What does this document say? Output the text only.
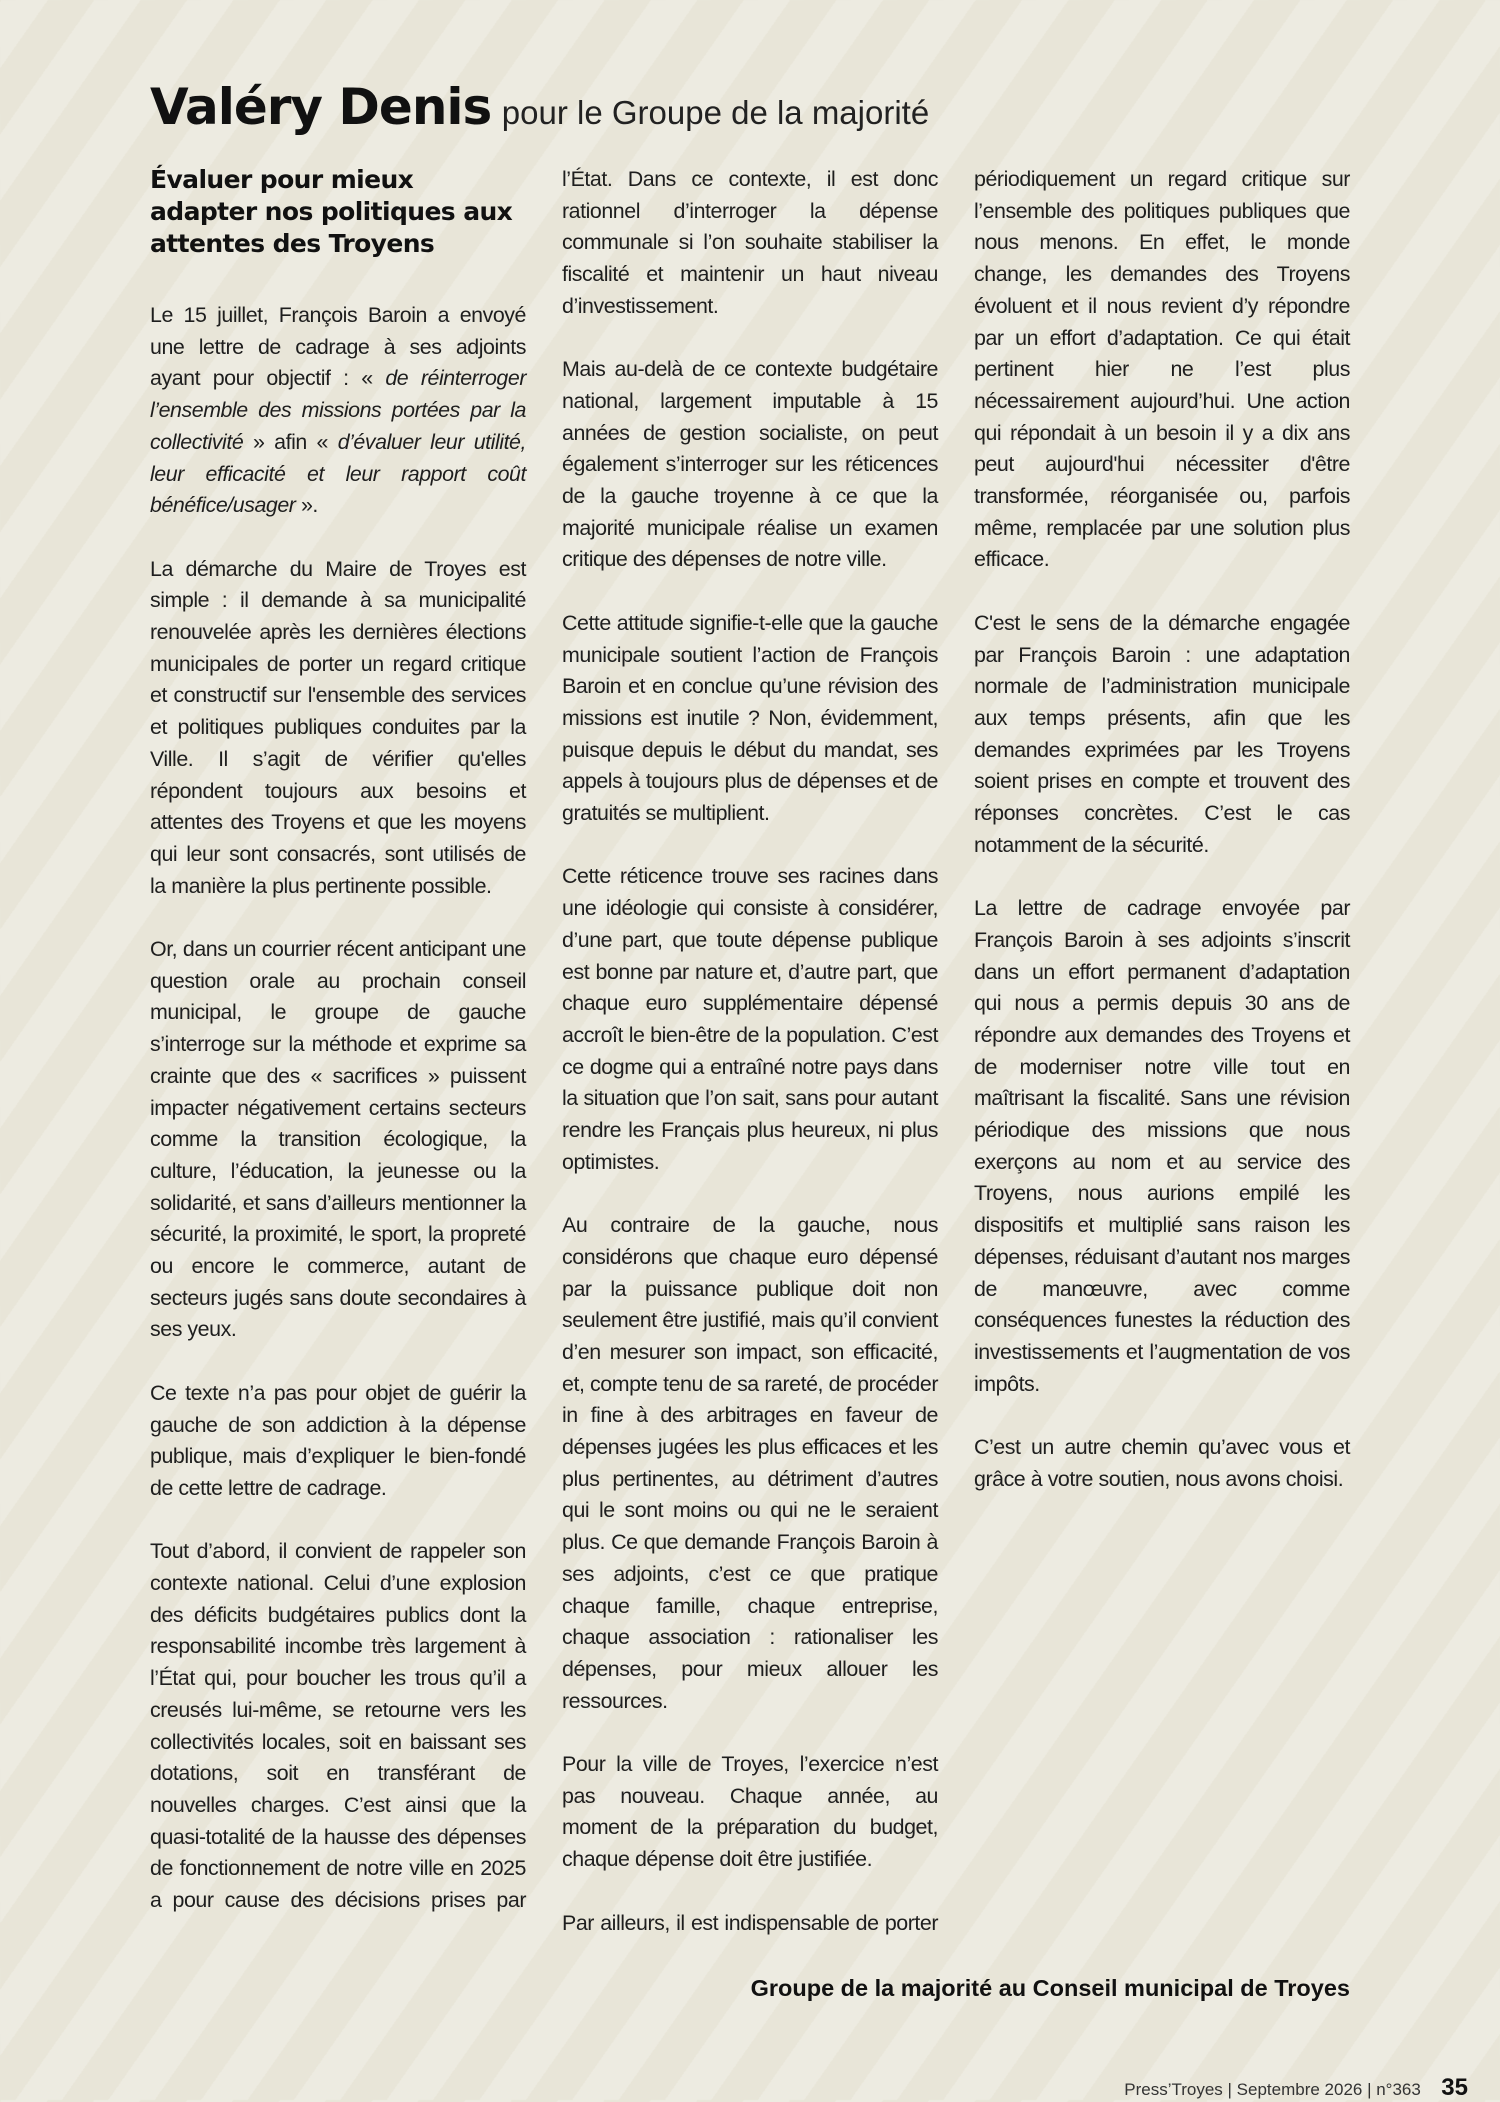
Valéry Denis pour le Groupe de la majorité
Évaluer pour mieux adapter nos politiques aux attentes des Troyens

Le 15 juillet, François Baroin a envoyé une lettre de cadrage à ses adjoints ayant pour objectif : « de réinterroger l’ensemble des missions portées par la collectivité » afin « d’évaluer leur utilité, leur efficacité et leur rapport coût bénéfice/usager ».

La démarche du Maire de Troyes est simple : il demande à sa municipalité renouvelée après les dernières élections municipales de porter un regard critique et constructif sur l'ensemble des services et politiques publiques conduites par la Ville. Il s’agit de vérifier qu'elles répondent toujours aux besoins et attentes des Troyens et que les moyens qui leur sont consacrés, sont utilisés de la manière la plus pertinente possible.

Or, dans un courrier récent anticipant une question orale au prochain conseil municipal, le groupe de gauche s’interroge sur la méthode et exprime sa crainte que des « sacrifices » puissent impacter négativement certains secteurs comme la transition écologique, la culture, l’éducation, la jeunesse ou la solidarité, et sans d’ailleurs mentionner la sécurité, la proximité, le sport, la propreté ou encore le commerce, autant de secteurs jugés sans doute secondaires à ses yeux.

Ce texte n’a pas pour objet de guérir la gauche de son addiction à la dépense publique, mais d’expliquer le bien-fondé de cette lettre de cadrage.

Tout d’abord, il convient de rappeler son contexte national. Celui d’une explosion des déficits budgétaires publics dont la responsabilité incombe très largement à l’État qui, pour boucher les trous qu’il a creusés lui-même, se retourne vers les collectivités locales, soit en baissant ses dotations, soit en transférant de nouvelles charges. C’est ainsi que la quasi-totalité de la hausse des dépenses de fonctionnement de notre ville en 2025 a pour cause des décisions prises par

l’État. Dans ce contexte, il est donc rationnel d’interroger la dépense communale si l’on souhaite stabiliser la fiscalité et maintenir un haut niveau d’investissement.

Mais au-delà de ce contexte budgétaire national, largement imputable à 15 années de gestion socialiste, on peut également s’interroger sur les réticences de la gauche troyenne à ce que la majorité municipale réalise un examen critique des dépenses de notre ville.

Cette attitude signifie-t-elle que la gauche municipale soutient l’action de François Baroin et en conclue qu’une révision des missions est inutile ? Non, évidemment, puisque depuis le début du mandat, ses appels à toujours plus de dépenses et de gratuités se multiplient.

Cette réticence trouve ses racines dans une idéologie qui consiste à considérer, d’une part, que toute dépense publique est bonne par nature et, d’autre part, que chaque euro supplémentaire dépensé accroît le bien-être de la population. C’est ce dogme qui a entraîné notre pays dans la situation que l’on sait, sans pour autant rendre les Français plus heureux, ni plus optimistes.

Au contraire de la gauche, nous considérons que chaque euro dépensé par la puissance publique doit non seulement être justifié, mais qu’il convient d’en mesurer son impact, son efficacité, et, compte tenu de sa rareté, de procéder in fine à des arbitrages en faveur de dépenses jugées les plus efficaces et les plus pertinentes, au détriment d’autres qui le sont moins ou qui ne le seraient plus. Ce que demande François Baroin à ses adjoints, c’est ce que pratique chaque famille, chaque entreprise, chaque association : rationaliser les dépenses, pour mieux allouer les ressources.

Pour la ville de Troyes, l’exercice n’est pas nouveau. Chaque année, au moment de la préparation du budget, chaque dépense doit être justifiée.

Par ailleurs, il est indispensable de porter

périodiquement un regard critique sur l’ensemble des politiques publiques que nous menons. En effet, le monde change, les demandes des Troyens évoluent et il nous revient d’y répondre par un effort d’adaptation. Ce qui était pertinent hier ne l’est plus nécessairement aujourd’hui. Une action qui répondait à un besoin il y a dix ans peut aujourd'hui nécessiter d'être transformée, réorganisée ou, parfois même, remplacée par une solution plus efficace.

C'est le sens de la démarche engagée par François Baroin : une adaptation normale de l’administration municipale aux temps présents, afin que les demandes exprimées par les Troyens soient prises en compte et trouvent des réponses concrètes. C’est le cas notamment de la sécurité.

La lettre de cadrage envoyée par François Baroin à ses adjoints s’inscrit dans un effort permanent d’adaptation qui nous a permis depuis 30 ans de répondre aux demandes des Troyens et de moderniser notre ville tout en maîtrisant la fiscalité. Sans une révision périodique des missions que nous exerçons au nom et au service des Troyens, nous aurions empilé les dispositifs et multiplié sans raison les dépenses, réduisant d’autant nos marges de manœuvre, avec comme conséquences funestes la réduction des investissements et l’augmentation de vos impôts.

C’est un autre chemin qu’avec vous et grâce à votre soutien, nous avons choisi.

Groupe de la majorité au Conseil municipal de Troyes
Press’Troyes | Septembre 2026 | n°363 35
